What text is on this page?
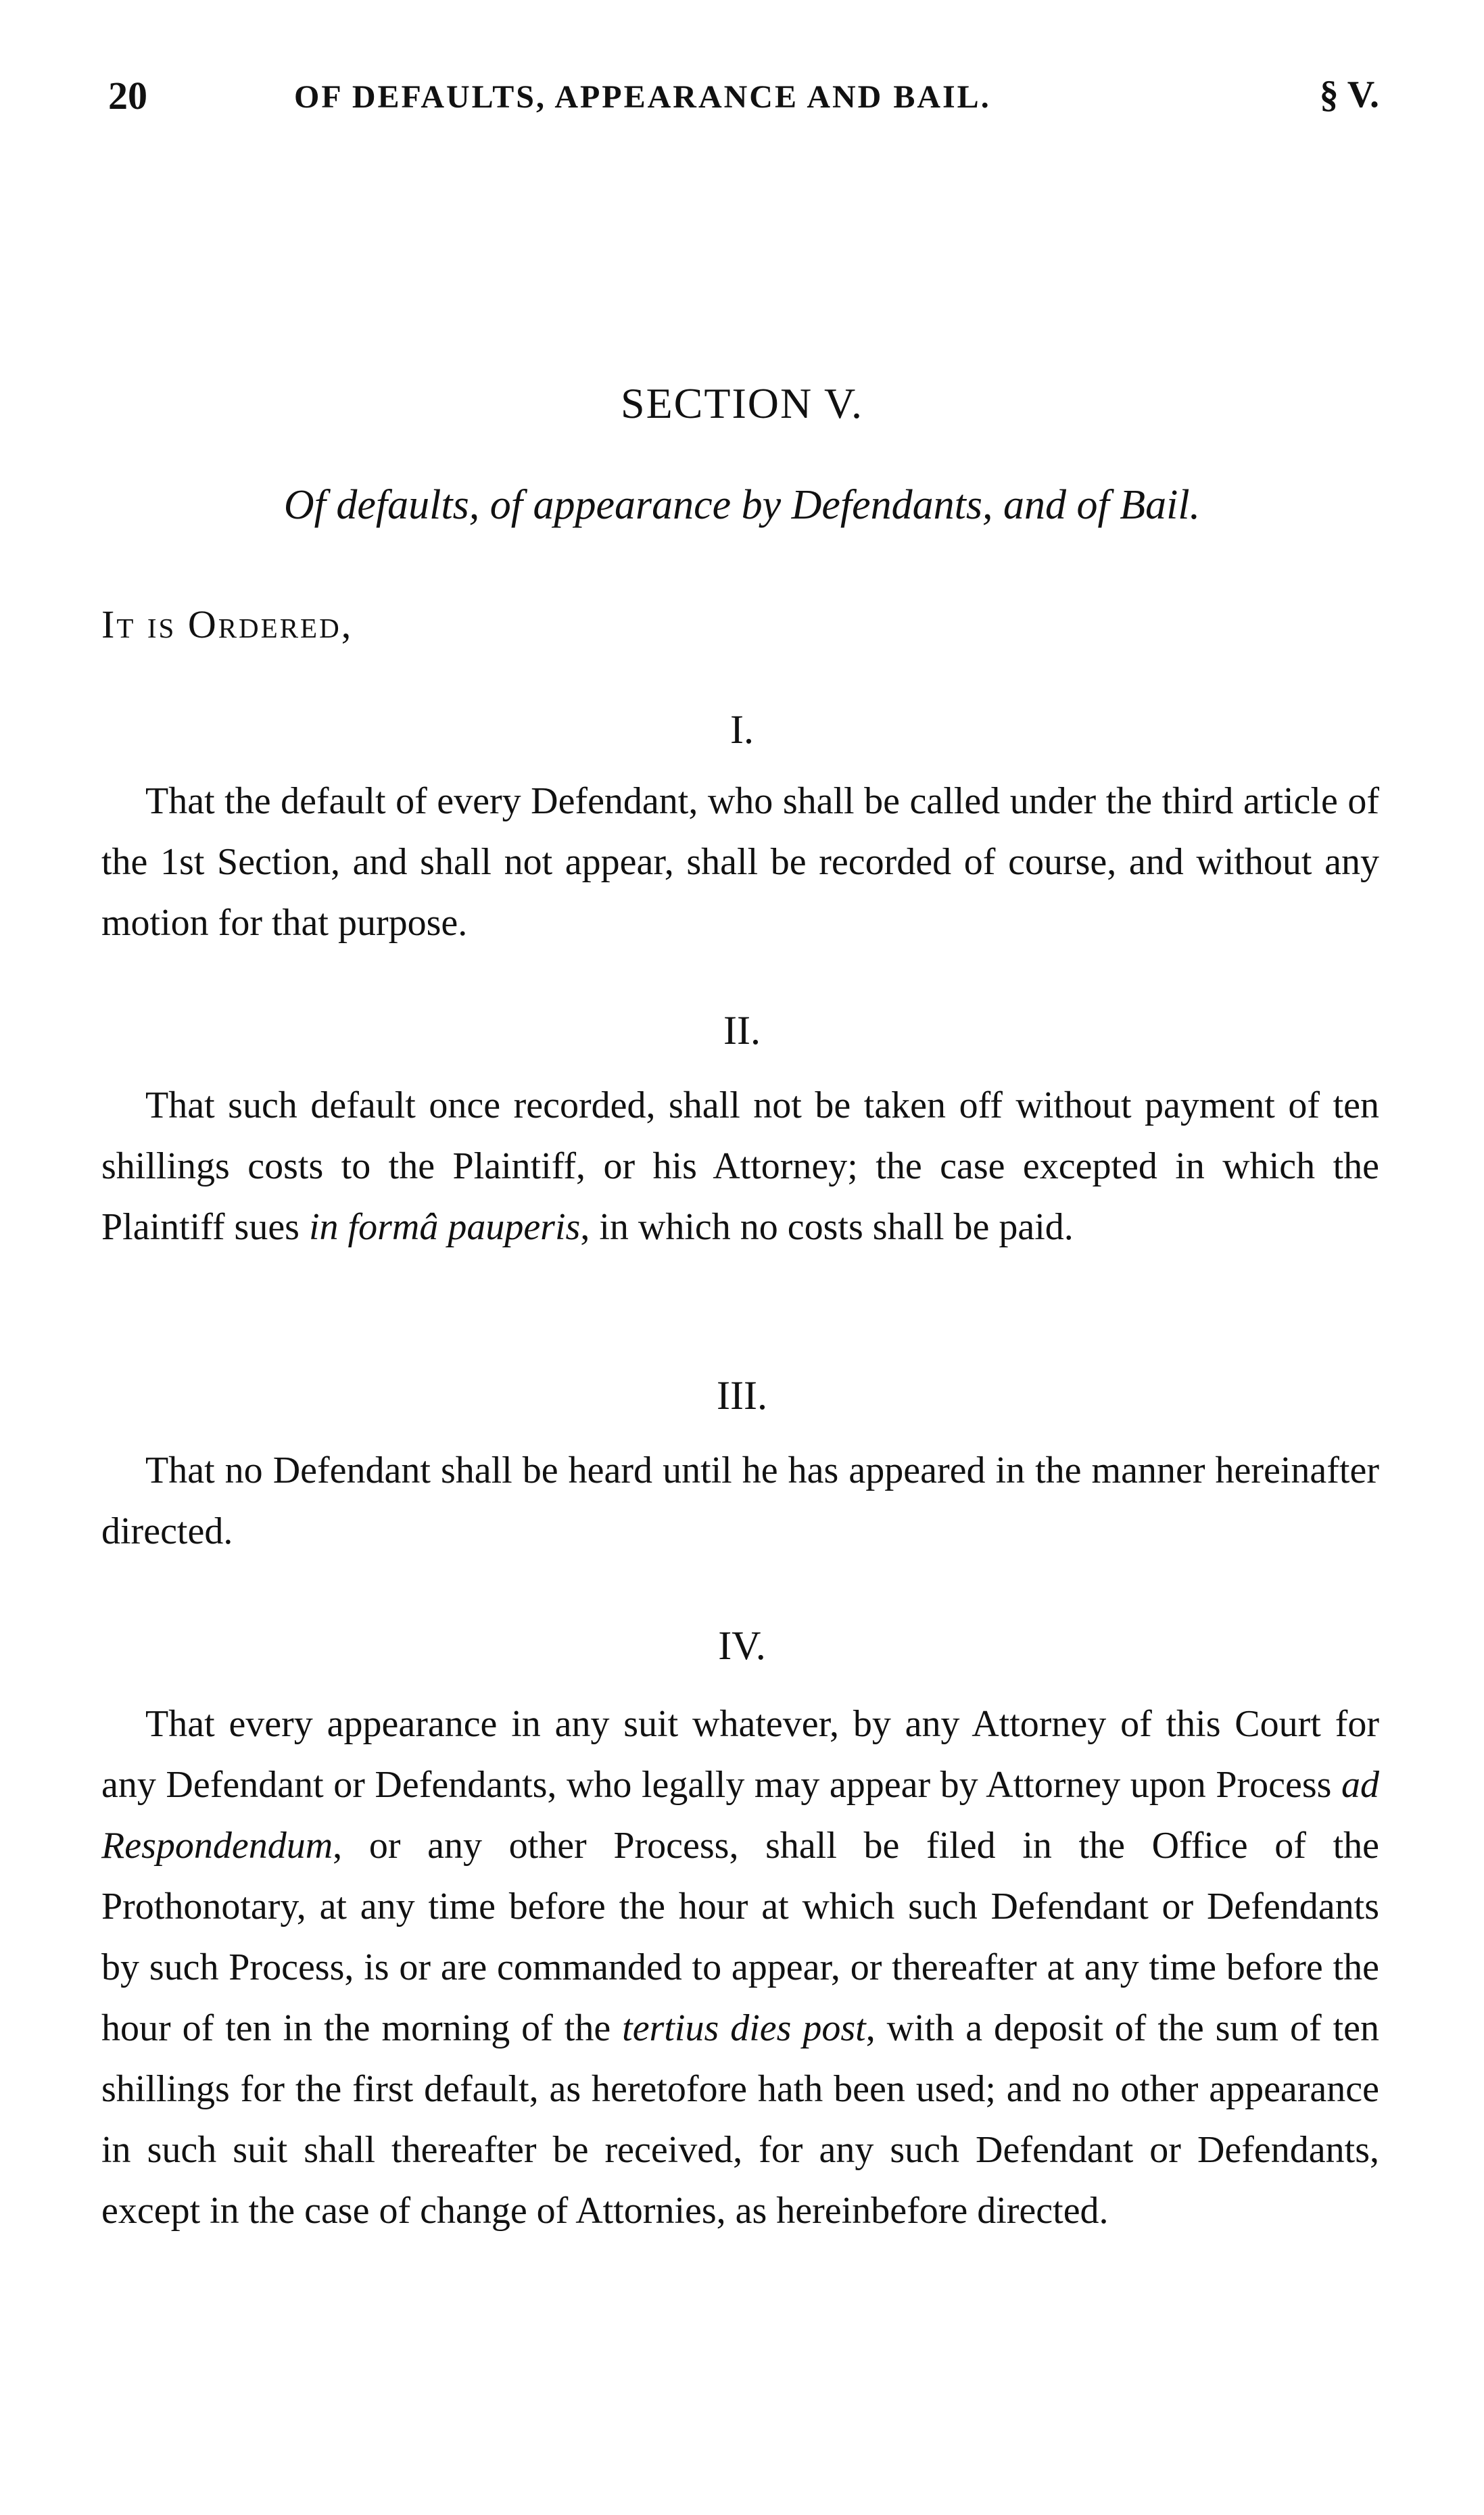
20	OF DEFAULTS, APPEARANCE AND BAIL.	§ V.
SECTION V.
Of defaults, of appearance by Defendants, and of Bail.
It is Ordered,
I.

That the default of every Defendant, who shall be called under the third article of the 1st Section, and shall not appear, shall be recorded of course, and without any motion for that purpose.

II.

That such default once recorded, shall not be taken off without payment of ten shillings costs to the Plaintiff, or his Attorney; the case excepted in which the Plaintiff sues in formâ pauperis, in which no costs shall be paid.

III.

That no Defendant shall be heard until he has appeared in the manner hereinafter directed.

IV.

That every appearance in any suit whatever, by any Attorney of this Court for any Defendant or Defendants, who legally may appear by Attorney upon Process ad Respondendum, or any other Process, shall be filed in the Office of the Prothonotary, at any time before the hour at which such Defendant or Defendants by such Process, is or are commanded to appear, or thereafter at any time before the hour of ten in the morning of the tertius dies post, with a deposit of the sum of ten shillings for the first default, as heretofore hath been used; and no other appearance in such suit shall thereafter be received, for any such Defendant or Defendants, except in the case of change of Attornies, as hereinbefore directed.
